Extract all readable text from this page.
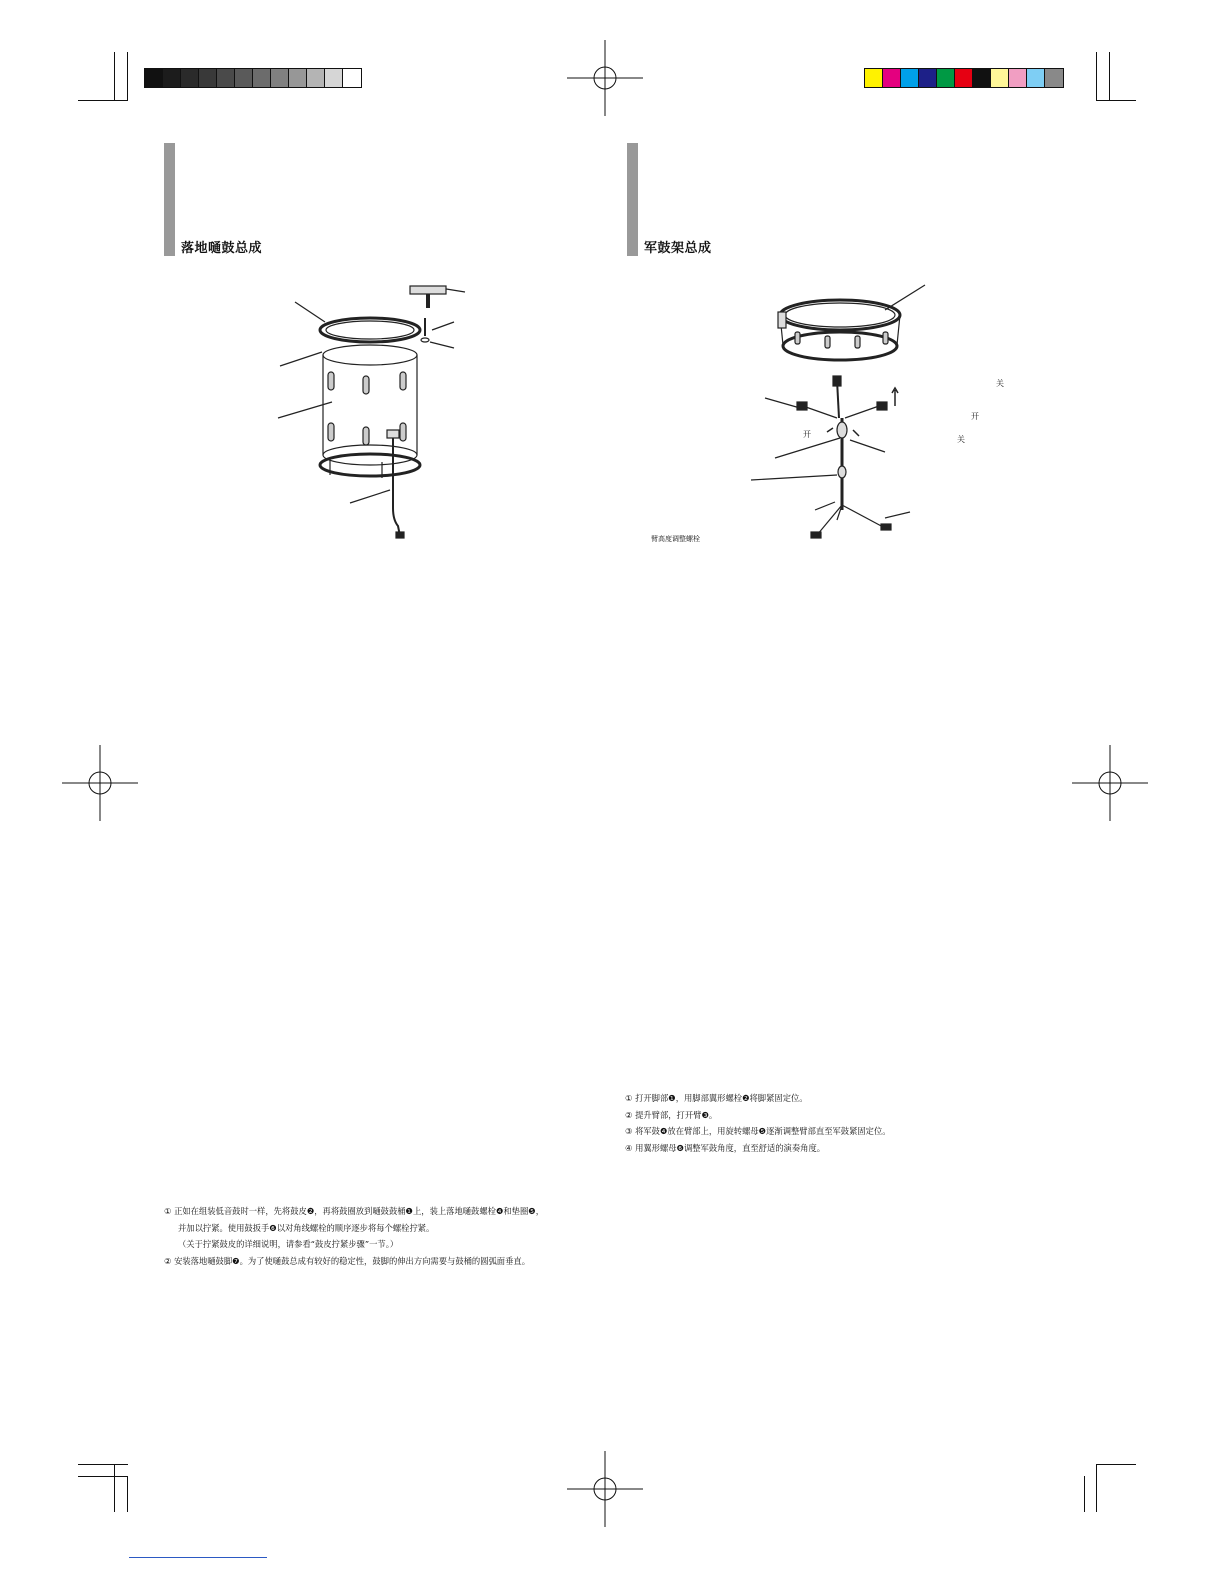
落地嗵鼓总成

① 正如在组装低音鼓时一样，先将鼓皮❷，再将鼓圈放到嗵鼓鼓桶❶上，装上落地嗵鼓螺栓❹和垫圈❺，

并加以拧紧。使用鼓扳手❻以对角线螺栓的顺序逐步将每个螺栓拧紧。

（关于拧紧鼓皮的详细说明，请参看“鼓皮拧紧步骤”一节。）

② 安装落地嗵鼓脚❼。为了使嗵鼓总成有较好的稳定性，鼓脚的伸出方向需要与鼓桶的圆弧面垂直。

军鼓架总成
关
开
关
开
臂高度调整螺栓

① 打开脚部❶，用脚部翼形螺栓❷将脚紧固定位。

② 提升臂部，打开臂❸。

③ 将军鼓❹放在臂部上，用旋转螺母❺逐渐调整臂部直至军鼓紧固定位。

④ 用翼形螺母❻调整军鼓角度，直至舒适的演奏角度。
